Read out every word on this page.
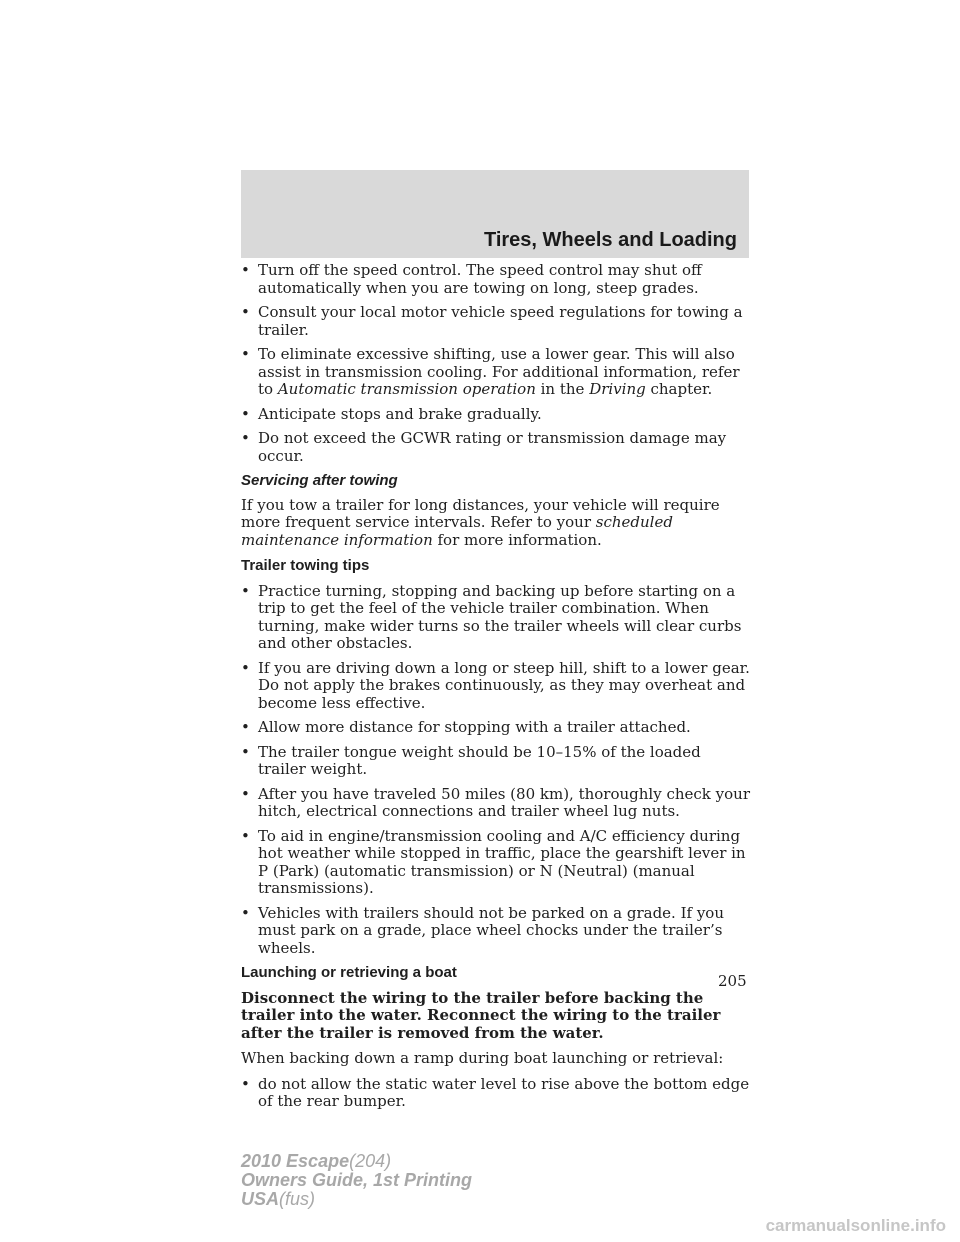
Tires, Wheels and Loading
• Turn off the speed control. The speed control may shut off automatically when you are towing on long, steep grades.
• Consult your local motor vehicle speed regulations for towing a trailer.
• To eliminate excessive shifting, use a lower gear. This will also assist in transmission cooling. For additional information, refer to Automatic transmission operation in the Driving chapter.
• Anticipate stops and brake gradually.
• Do not exceed the GCWR rating or transmission damage may occur.
Servicing after towing

If you tow a trailer for long distances, your vehicle will require more frequent service intervals. Refer to your scheduled maintenance information for more information.

Trailer towing tips
• Practice turning, stopping and backing up before starting on a trip to get the feel of the vehicle trailer combination. When turning, make wider turns so the trailer wheels will clear curbs and other obstacles.
• If you are driving down a long or steep hill, shift to a lower gear. Do not apply the brakes continuously, as they may overheat and become less effective.
• Allow more distance for stopping with a trailer attached.
• The trailer tongue weight should be 10–15% of the loaded trailer weight.
• After you have traveled 50 miles (80 km), thoroughly check your hitch, electrical connections and trailer wheel lug nuts.
• To aid in engine/transmission cooling and A/C efficiency during hot weather while stopped in traffic, place the gearshift lever in P (Park) (automatic transmission) or N (Neutral) (manual transmissions).
• Vehicles with trailers should not be parked on a grade. If you must park on a grade, place wheel chocks under the trailer’s wheels.
Launching or retrieving a boat

Disconnect the wiring to the trailer before backing the trailer into the water. Reconnect the wiring to the trailer after the trailer is removed from the water.

When backing down a ramp during boat launching or retrieval:

• do not allow the static water level to rise above the bottom edge of the rear bumper.
205
2010 Escape(204)
Owners Guide, 1st Printing
USA(fus)
carmanualsonline.info
